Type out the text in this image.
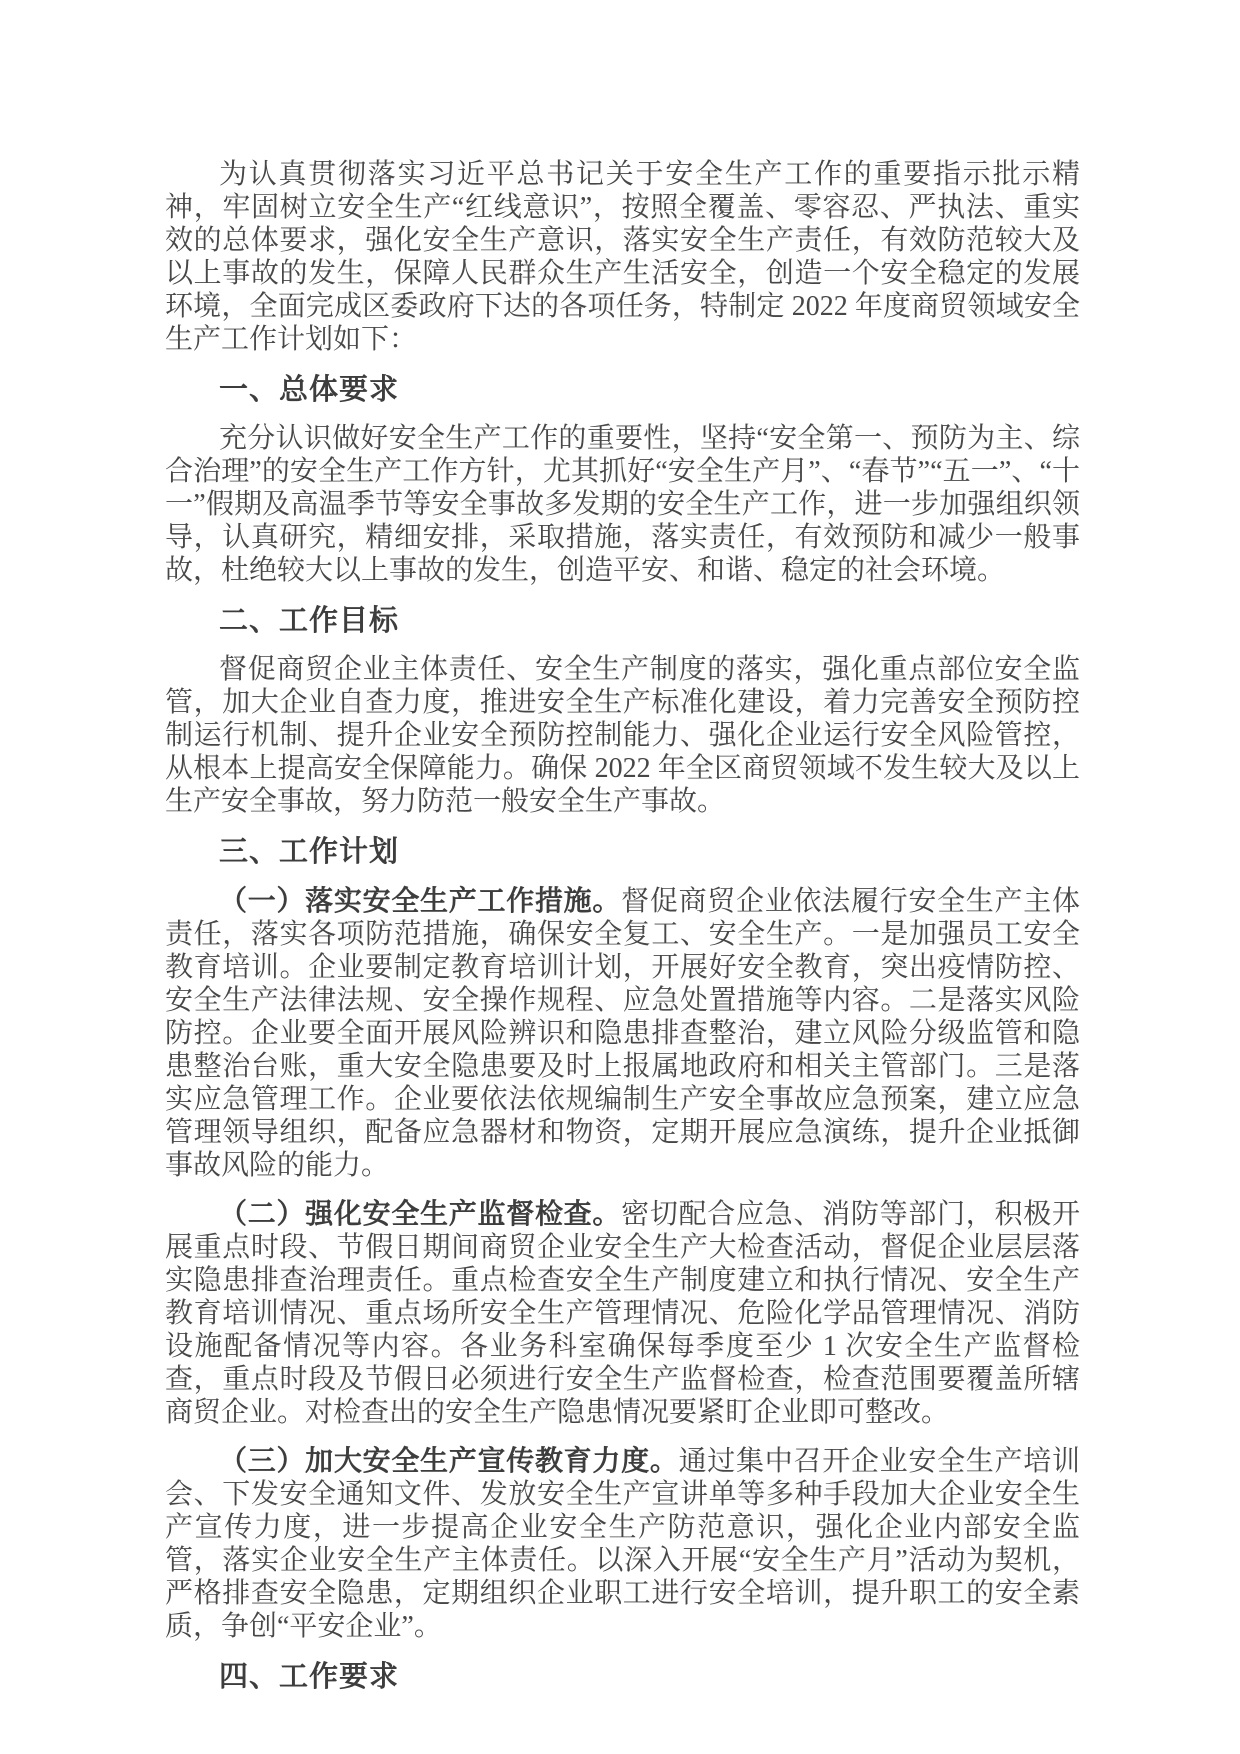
为认真贯彻落实习近平总书记关于安全生产工作的重要指示批示精神，牢固树立安全生产“红线意识”，按照全覆盖、零容忍、严执法、重实效的总体要求，强化安全生产意识，落实安全生产责任，有效防范较大及以上事故的发生，保障人民群众生产生活安全，创造一个安全稳定的发展环境，全面完成区委政府下达的各项任务，特制定 2022 年度商贸领域安全生产工作计划如下：

一、总体要求

充分认识做好安全生产工作的重要性，坚持“安全第一、预防为主、综合治理”的安全生产工作方针，尤其抓好“安全生产月”、“春节”“五一”、“十一”假期及高温季节等安全事故多发期的安全生产工作，进一步加强组织领导，认真研究，精细安排，采取措施，落实责任，有效预防和减少一般事故，杜绝较大以上事故的发生，创造平安、和谐、稳定的社会环境。

二、工作目标

督促商贸企业主体责任、安全生产制度的落实，强化重点部位安全监管，加大企业自查力度，推进安全生产标准化建设，着力完善安全预防控制运行机制、提升企业安全预防控制能力、强化企业运行安全风险管控，从根本上提高安全保障能力。确保 2022 年全区商贸领域不发生较大及以上生产安全事故，努力防范一般安全生产事故。

三、工作计划

（一）落实安全生产工作措施。督促商贸企业依法履行安全生产主体责任，落实各项防范措施，确保安全复工、安全生产。一是加强员工安全教育培训。企业要制定教育培训计划，开展好安全教育，突出疫情防控、安全生产法律法规、安全操作规程、应急处置措施等内容。二是落实风险防控。企业要全面开展风险辨识和隐患排查整治，建立风险分级监管和隐患整治台账，重大安全隐患要及时上报属地政府和相关主管部门。三是落实应急管理工作。企业要依法依规编制生产安全事故应急预案，建立应急管理领导组织，配备应急器材和物资，定期开展应急演练，提升企业抵御事故风险的能力。

（二）强化安全生产监督检查。密切配合应急、消防等部门，积极开展重点时段、节假日期间商贸企业安全生产大检查活动，督促企业层层落实隐患排查治理责任。重点检查安全生产制度建立和执行情况、安全生产教育培训情况、重点场所安全生产管理情况、危险化学品管理情况、消防设施配备情况等内容。各业务科室确保每季度至少 1 次安全生产监督检查，重点时段及节假日必须进行安全生产监督检查，检查范围要覆盖所辖商贸企业。对检查出的安全生产隐患情况要紧盯企业即可整改。

（三）加大安全生产宣传教育力度。通过集中召开企业安全生产培训会、下发安全通知文件、发放安全生产宣讲单等多种手段加大企业安全生产宣传力度，进一步提高企业安全生产防范意识，强化企业内部安全监管，落实企业安全生产主体责任。以深入开展“安全生产月”活动为契机，严格排查安全隐患，定期组织企业职工进行安全培训，提升职工的安全素质，争创“平安企业”。

四、工作要求
